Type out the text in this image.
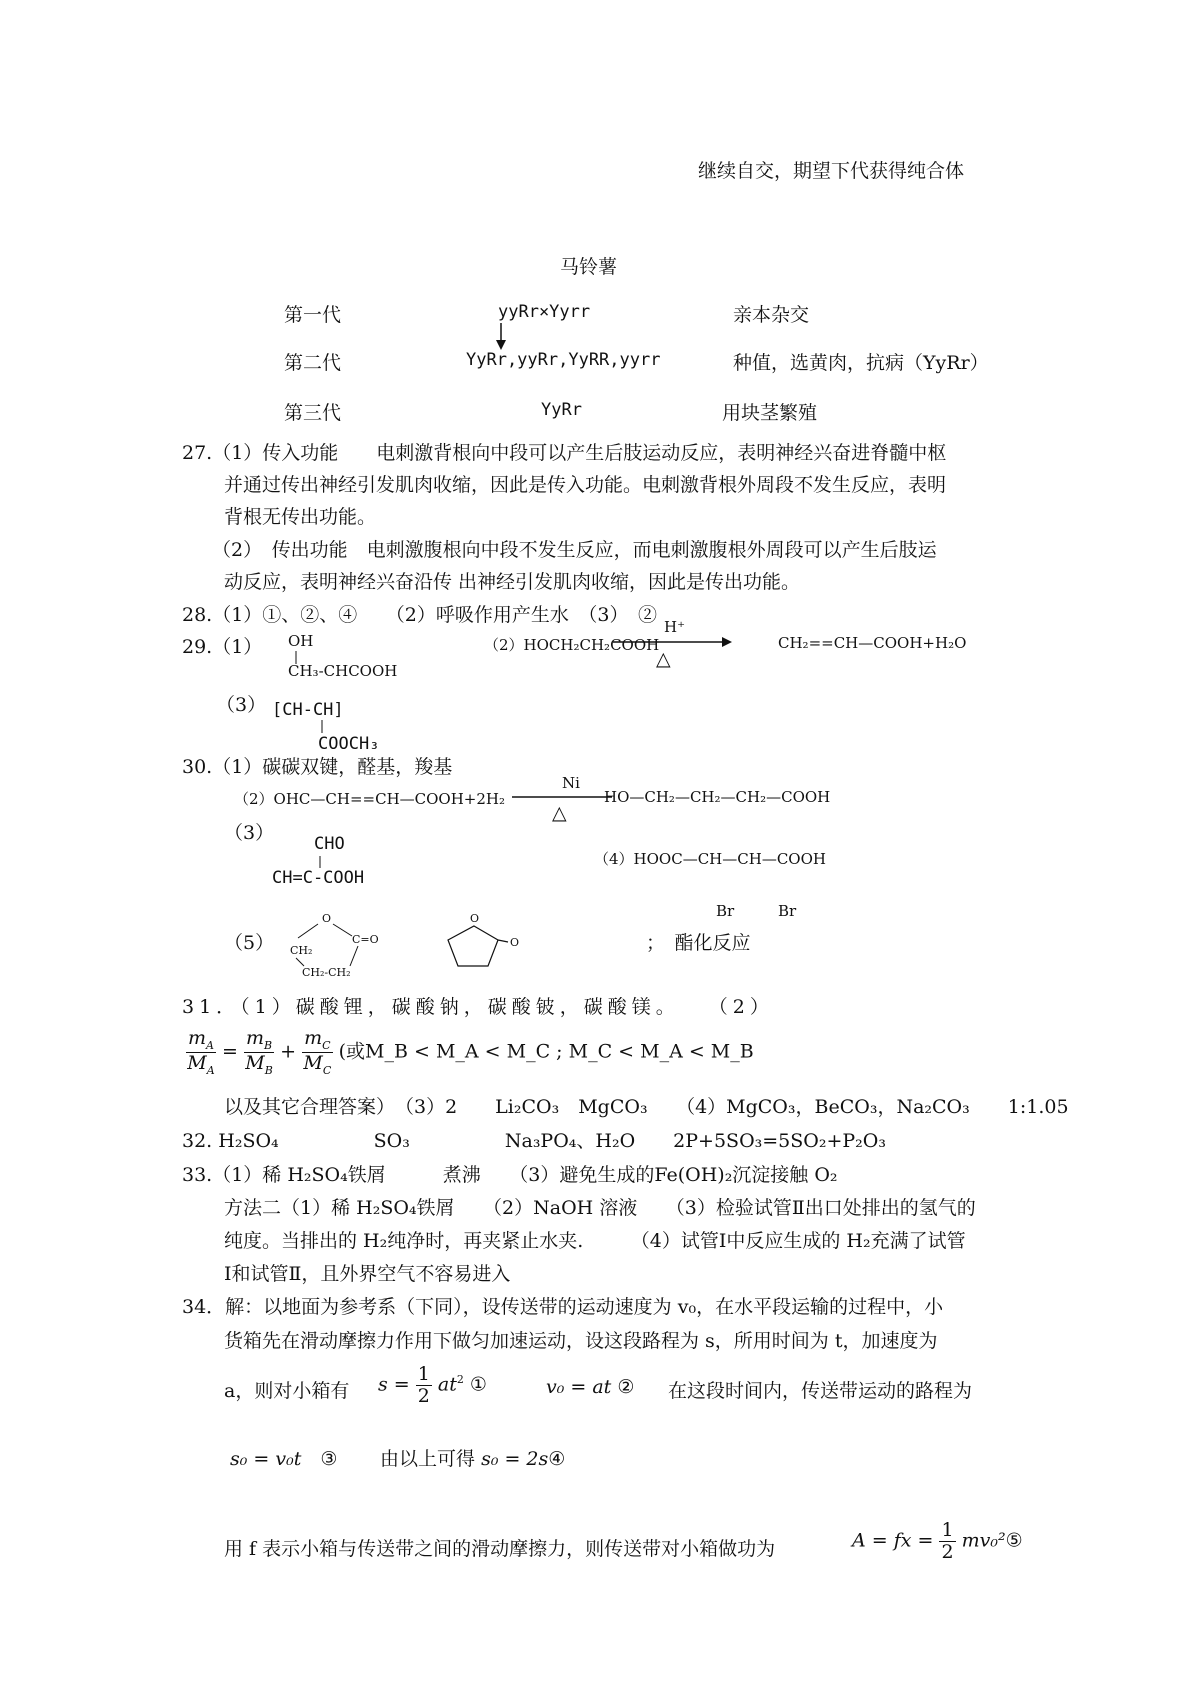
继续自交，期望下代获得纯合体
马铃薯
第一代	yyRr×Yyrr	亲本杂交
第二代	YyRr,yyRr,YyRR,yyrr	种值，选黄肉，抗病（YyRr）
第三代	YyRr	用块茎繁殖
27.（1）传入功能　　电刺激背根向中段可以产生后肢运动反应，表明神经兴奋进脊髓中枢
并通过传出神经引发肌肉收缩，因此是传入功能。电刺激背根外周段不发生反应，表明
背根无传出功能。
（2）　传出功能　电刺激腹根向中段不发生反应，而电刺激腹根外周段可以产生后肢运
动反应，表明神经兴奋沿传 出神经引发肌肉收缩，因此是传出功能。
28.（1）①、②、④　　（2）呼吸作用产生水　（3）　②
29.（1） OH
CH₃-CHCOOH
（2）HOCH₂CH₂COOH
H⁺
△
CH₂==CH—COOH+H₂O
（3） [CH-CH]
COOCH₃
30.（1）碳碳双键，醛基，羧基
（2）OHC—CH==CH—COOH+2H₂
Ni
△
HO—CH₂—CH₂—CH₂—COOH
（3） CHO
CH=C-COOH
（4）HOOC—CH—CH—COOH
Br	Br
（5）
O
C=O
CH₂
CH₂-CH₂
O
O	；　酯化反应
31．（1）碳酸锂，碳酸钠，碳酸铍，碳酸镁。　　（2）
$\frac{m_A}{M_A} = \frac{m_B}{M_B} + \frac{m_C}{M_C}$ (或M_B < M_A < M_C ; M_C < M_A < M_B
以及其它合理答案）　（3）2　　Li₂CO₃　MgCO₃　　（4）MgCO₃，BeCO₃，Na₂CO₃　　1:1.05
32. H₂SO₄　　　　　SO₃　　　　　Na₃PO₄、H₂O　　2P+5SO₃=5SO₂+P₂O₃
33.（1）稀 H₂SO₄铁屑　　　煮沸　　（3）避免生成的Fe(OH)₂沉淀接触 O₂
方法二（1）稀 H₂SO₄铁屑　　（2）NaOH 溶液　　（3）检验试管Ⅱ出口处排出的氢气的
纯度。当排出的 H₂纯净时，再夹紧止水夹.　　　（4）试管Ⅰ中反应生成的 H₂充满了试管
Ⅰ和试管Ⅱ，且外界空气不容易进入
34．解：以地面为参考系（下同），设传送带的运动速度为 v₀，在水平段运输的过程中，小
货箱先在滑动摩擦力作用下做匀加速运动，设这段路程为 s，所用时间为 t，加速度为
a，则对小箱有 $s = \frac{1}{2} at^2$ ①	v₀ = at ② 在这段时间内，传送带运动的路程为
s₀ = v₀t　 ③ 由以上可得 s₀ = 2s④
用 f 表示小箱与传送带之间的滑动摩擦力，则传送带对小箱做功为	A = fx = $\frac{1}{2}$ mv₀²⑤
